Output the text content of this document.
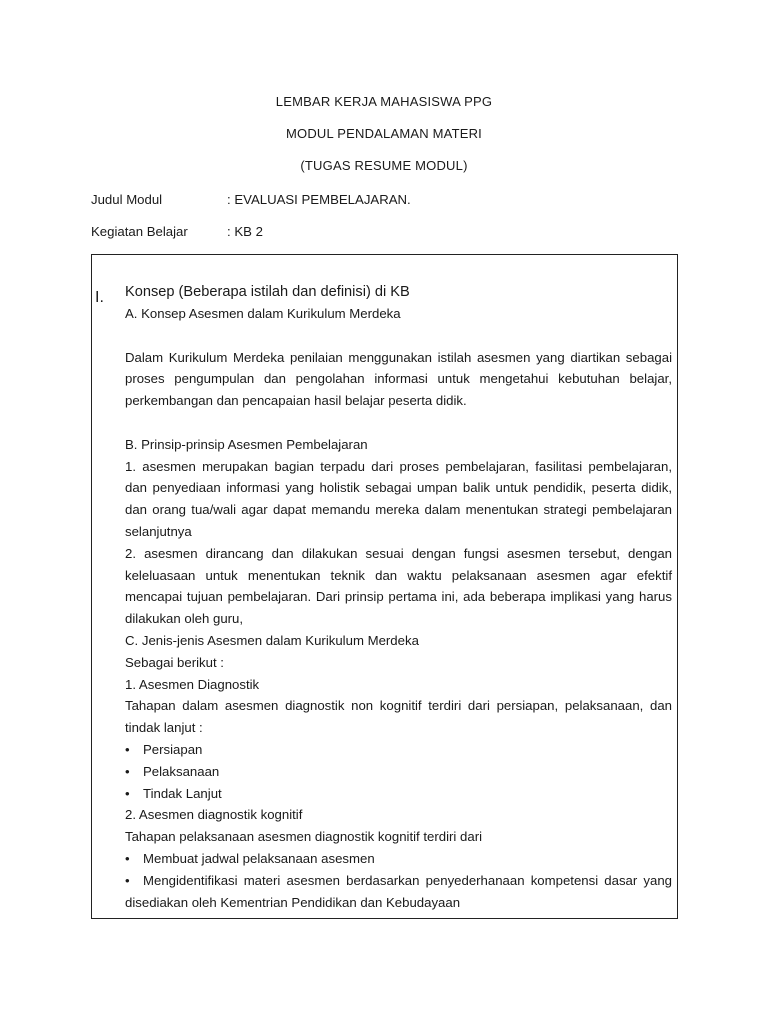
LEMBAR KERJA MAHASISWA PPG
MODUL PENDALAMAN MATERI
(TUGAS RESUME MODUL)
Judul Modul	: EVALUASI PEMBELAJARAN.
Kegiatan Belajar	: KB 2
I. Konsep (Beberapa istilah dan definisi) di KB

A. Konsep Asesmen dalam Kurikulum Merdeka

Dalam Kurikulum Merdeka penilaian menggunakan istilah asesmen yang diartikan sebagai proses pengumpulan dan pengolahan informasi untuk mengetahui kebutuhan belajar, perkembangan dan pencapaian hasil belajar peserta didik.

B. Prinsip-prinsip Asesmen Pembelajaran

1. asesmen merupakan bagian terpadu dari proses pembelajaran, fasilitasi pembelajaran, dan penyediaan informasi yang holistik sebagai umpan balik untuk pendidik, peserta didik, dan orang tua/wali agar dapat memandu mereka dalam menentukan strategi pembelajaran selanjutnya

2. asesmen dirancang dan dilakukan sesuai dengan fungsi asesmen tersebut, dengan keleluasaan untuk menentukan teknik dan waktu pelaksanaan asesmen agar efektif mencapai tujuan pembelajaran. Dari prinsip pertama ini, ada beberapa implikasi yang harus dilakukan oleh guru,

C. Jenis-jenis Asesmen dalam Kurikulum Merdeka

Sebagai berikut :

1. Asesmen Diagnostik

Tahapan dalam asesmen diagnostik non kognitif terdiri dari persiapan, pelaksanaan, dan tindak lanjut :

• Persiapan

• Pelaksanaan

• Tindak Lanjut

2. Asesmen diagnostik kognitif

Tahapan pelaksanaan asesmen diagnostik kognitif terdiri dari

• Membuat jadwal pelaksanaan asesmen

• Mengidentifikasi materi asesmen berdasarkan penyederhanaan kompetensi dasar yang disediakan oleh Kementrian Pendidikan dan Kebudayaan
